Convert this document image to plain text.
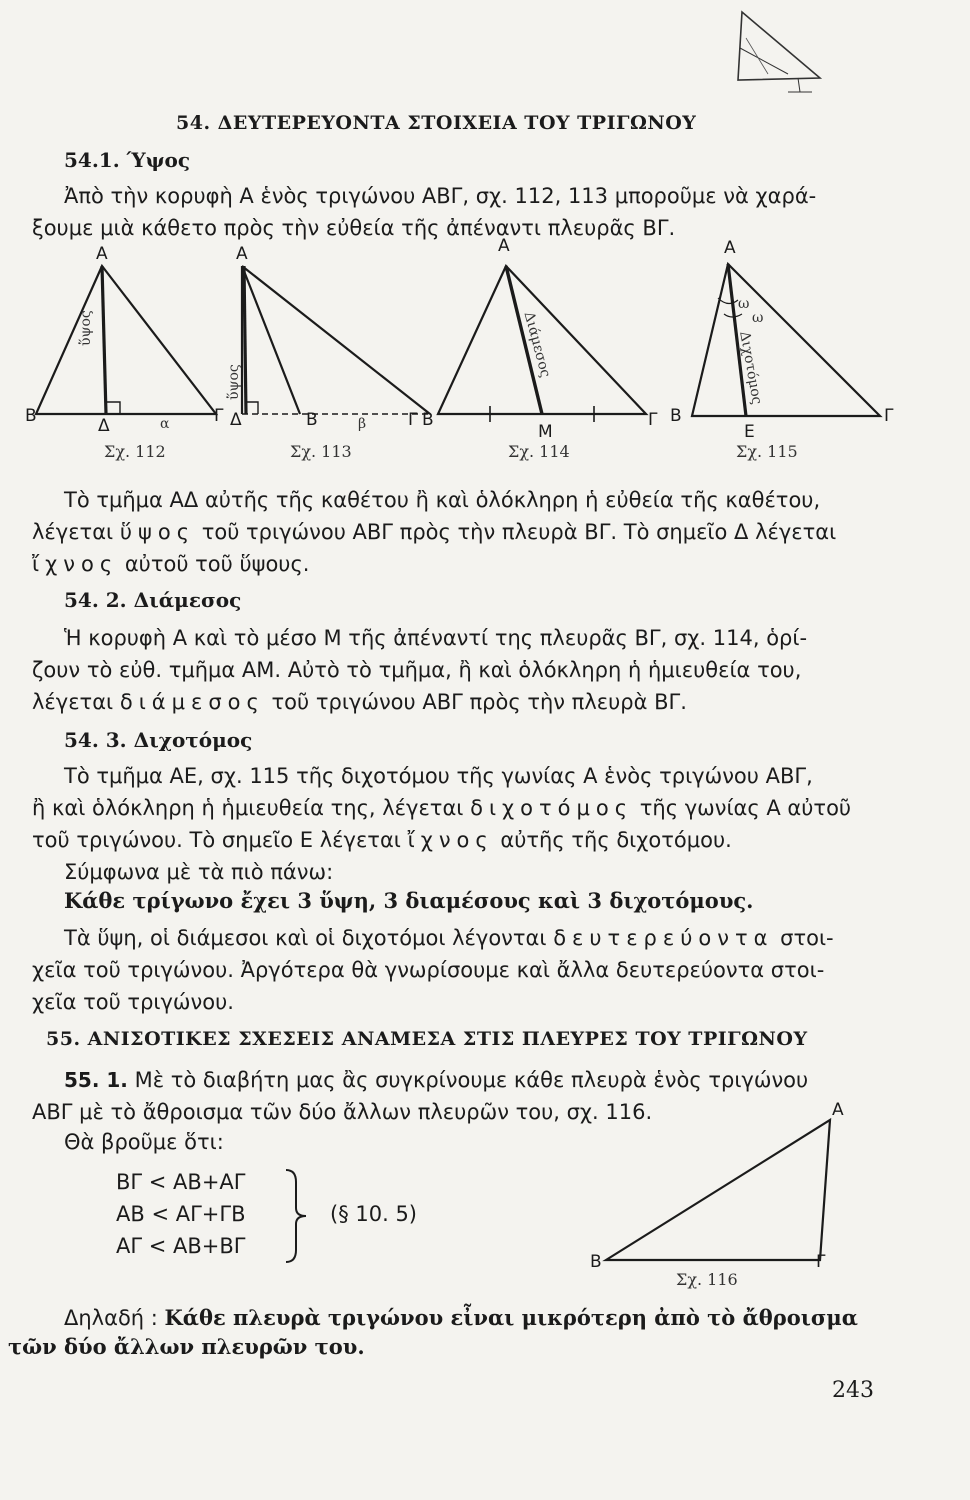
54. ΔΕΥΤΕΡΕΥΟΝΤΑ ΣΤΟΙΧΕΙΑ ΤΟΥ ΤΡΙΓΩΝΟΥ
54.1. Ύψος
Ἀπὸ τὴν κορυφὴ Α ἑνὸς τριγώνου ΑΒΓ, σχ. 112, 113 μποροῦμε νὰ χαρά-
ξουμε μιὰ κάθετο πρὸς τὴν εὐθεία τῆς ἀπέναντι πλευρᾶς ΒΓ.
Α
Β	Γ
Δ	α
ὕψος
Σχ. 112
Α
Δ	Β	Γ
β
ὕψος
Σχ. 113
Α
Β	Γ
Μ
Διάμεσος
Σχ. 114
Α
Β	Γ
Ε
ω
ω
Διχοτόμος
Σχ. 115
Τὸ τμῆμα ΑΔ αὐτῆς τῆς καθέτου ἢ καὶ ὁλόκληρη ἡ εὐθεία τῆς καθέτου,
λέγεται ὕψος τοῦ τριγώνου ΑΒΓ πρὸς τὴν πλευρὰ ΒΓ. Τὸ σημεῖο Δ λέγεται
ἴχνος αὐτοῦ τοῦ ὕψους.
54. 2. Διάμεσος
Ἡ κορυφὴ Α καὶ τὸ μέσο Μ τῆς ἀπέναντί της πλευρᾶς ΒΓ, σχ. 114, ὁρί-
ζουν τὸ εὐθ. τμῆμα ΑΜ. Αὐτὸ τὸ τμῆμα, ἢ καὶ ὁλόκληρη ἡ ἡμιευθεία του,
λέγεται διάμεσος τοῦ τριγώνου ΑΒΓ πρὸς τὴν πλευρὰ ΒΓ.
54. 3. Διχοτόμος
Τὸ τμῆμα ΑΕ, σχ. 115 τῆς διχοτόμου τῆς γωνίας Α ἑνὸς τριγώνου ΑΒΓ,
ἢ καὶ ὁλόκληρη ἡ ἡμιευθεία της, λέγεται διχοτόμος τῆς γωνίας Α αὐτοῦ
τοῦ τριγώνου. Τὸ σημεῖο Ε λέγεται ἴχνος αὐτῆς τῆς διχοτόμου.
Σύμφωνα μὲ τὰ πιὸ πάνω:
Κάθε τρίγωνο ἔχει 3 ὕψη, 3 διαμέσους καὶ 3 διχοτόμους.
Τὰ ὕψη, οἱ διάμεσοι καὶ οἱ διχοτόμοι λέγονται δευτερεύοντα στοι-
χεῖα τοῦ τριγώνου. Ἀργότερα θὰ γνωρίσουμε καὶ ἄλλα δευτερεύοντα στοι-
χεῖα τοῦ τριγώνου.
55. ΑΝΙΣΟΤΙΚΕΣ ΣΧΕΣΕΙΣ ΑΝΑΜΕΣΑ ΣΤΙΣ ΠΛΕΥΡΕΣ ΤΟΥ ΤΡΙΓΩΝΟΥ
55. 1. Μὲ τὸ διαβήτη μας ἂς συγκρίνουμε κάθε πλευρὰ ἑνὸς τριγώνου
ΑΒΓ μὲ τὸ ἄθροισμα τῶν δύο ἄλλων πλευρῶν του, σχ. 116.
Θὰ βροῦμε ὅτι:
ΒΓ < ΑΒ+ΑΓ
ΑΒ < ΑΓ+ΓΒ
ΑΓ < ΑΒ+ΒΓ
(§ 10. 5)
Α
Β	Γ
Σχ. 116
Δηλαδή : Κάθε πλευρὰ τριγώνου εἶναι μικρότερη ἀπὸ τὸ ἄθροισμα
τῶν δύο ἄλλων πλευρῶν του.
243
